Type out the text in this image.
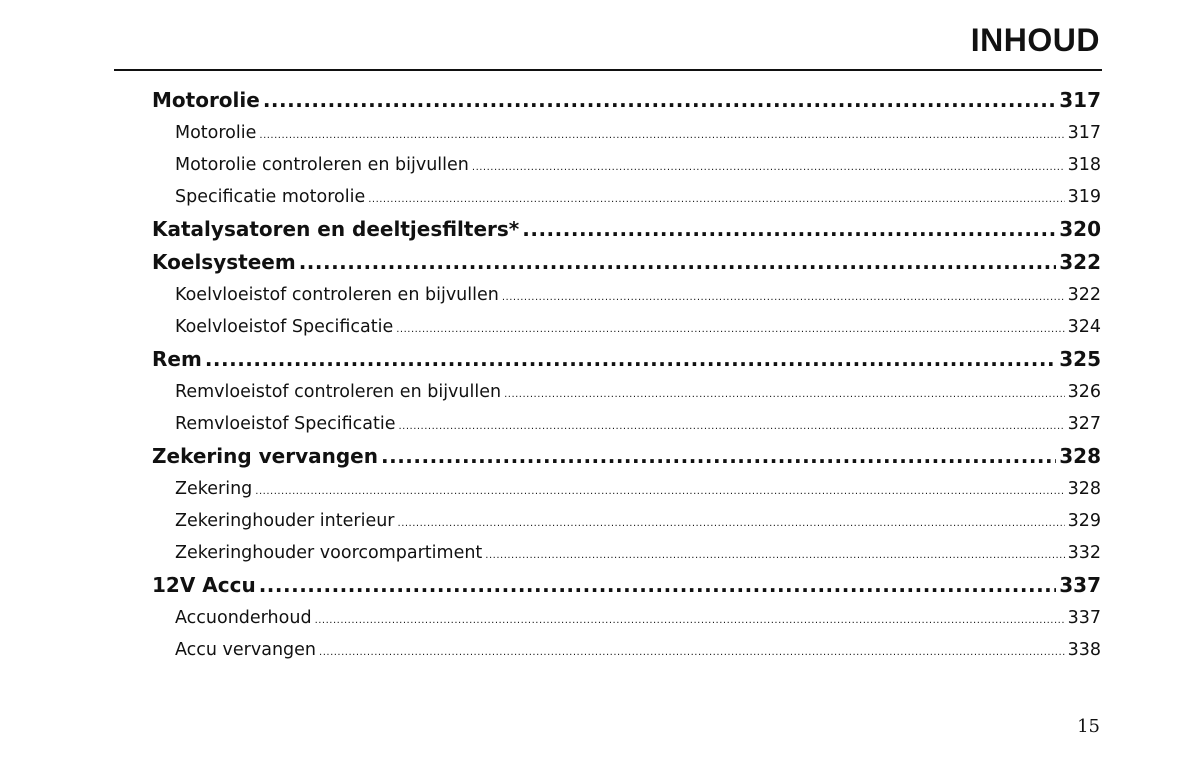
INHOUD
Motorolie .....	317
Motorolie .....	317
Motorolie controleren en bijvullen .....	318
Specificatie motorolie .....	319
Katalysatoren en deeltjesfilters* .....	320
Koelsysteem .....	322
Koelvloeistof controleren en bijvullen .....	322
Koelvloeistof Specificatie .....	324
Rem .....	325
Remvloeistof controleren en bijvullen .....	326
Remvloeistof Specificatie .....	327
Zekering vervangen .....	328
Zekering .....	328
Zekeringhouder interieur .....	329
Zekeringhouder voorcompartiment .....	332
12V Accu .....	337
Accuonderhoud .....	337
Accu vervangen .....	338
15
